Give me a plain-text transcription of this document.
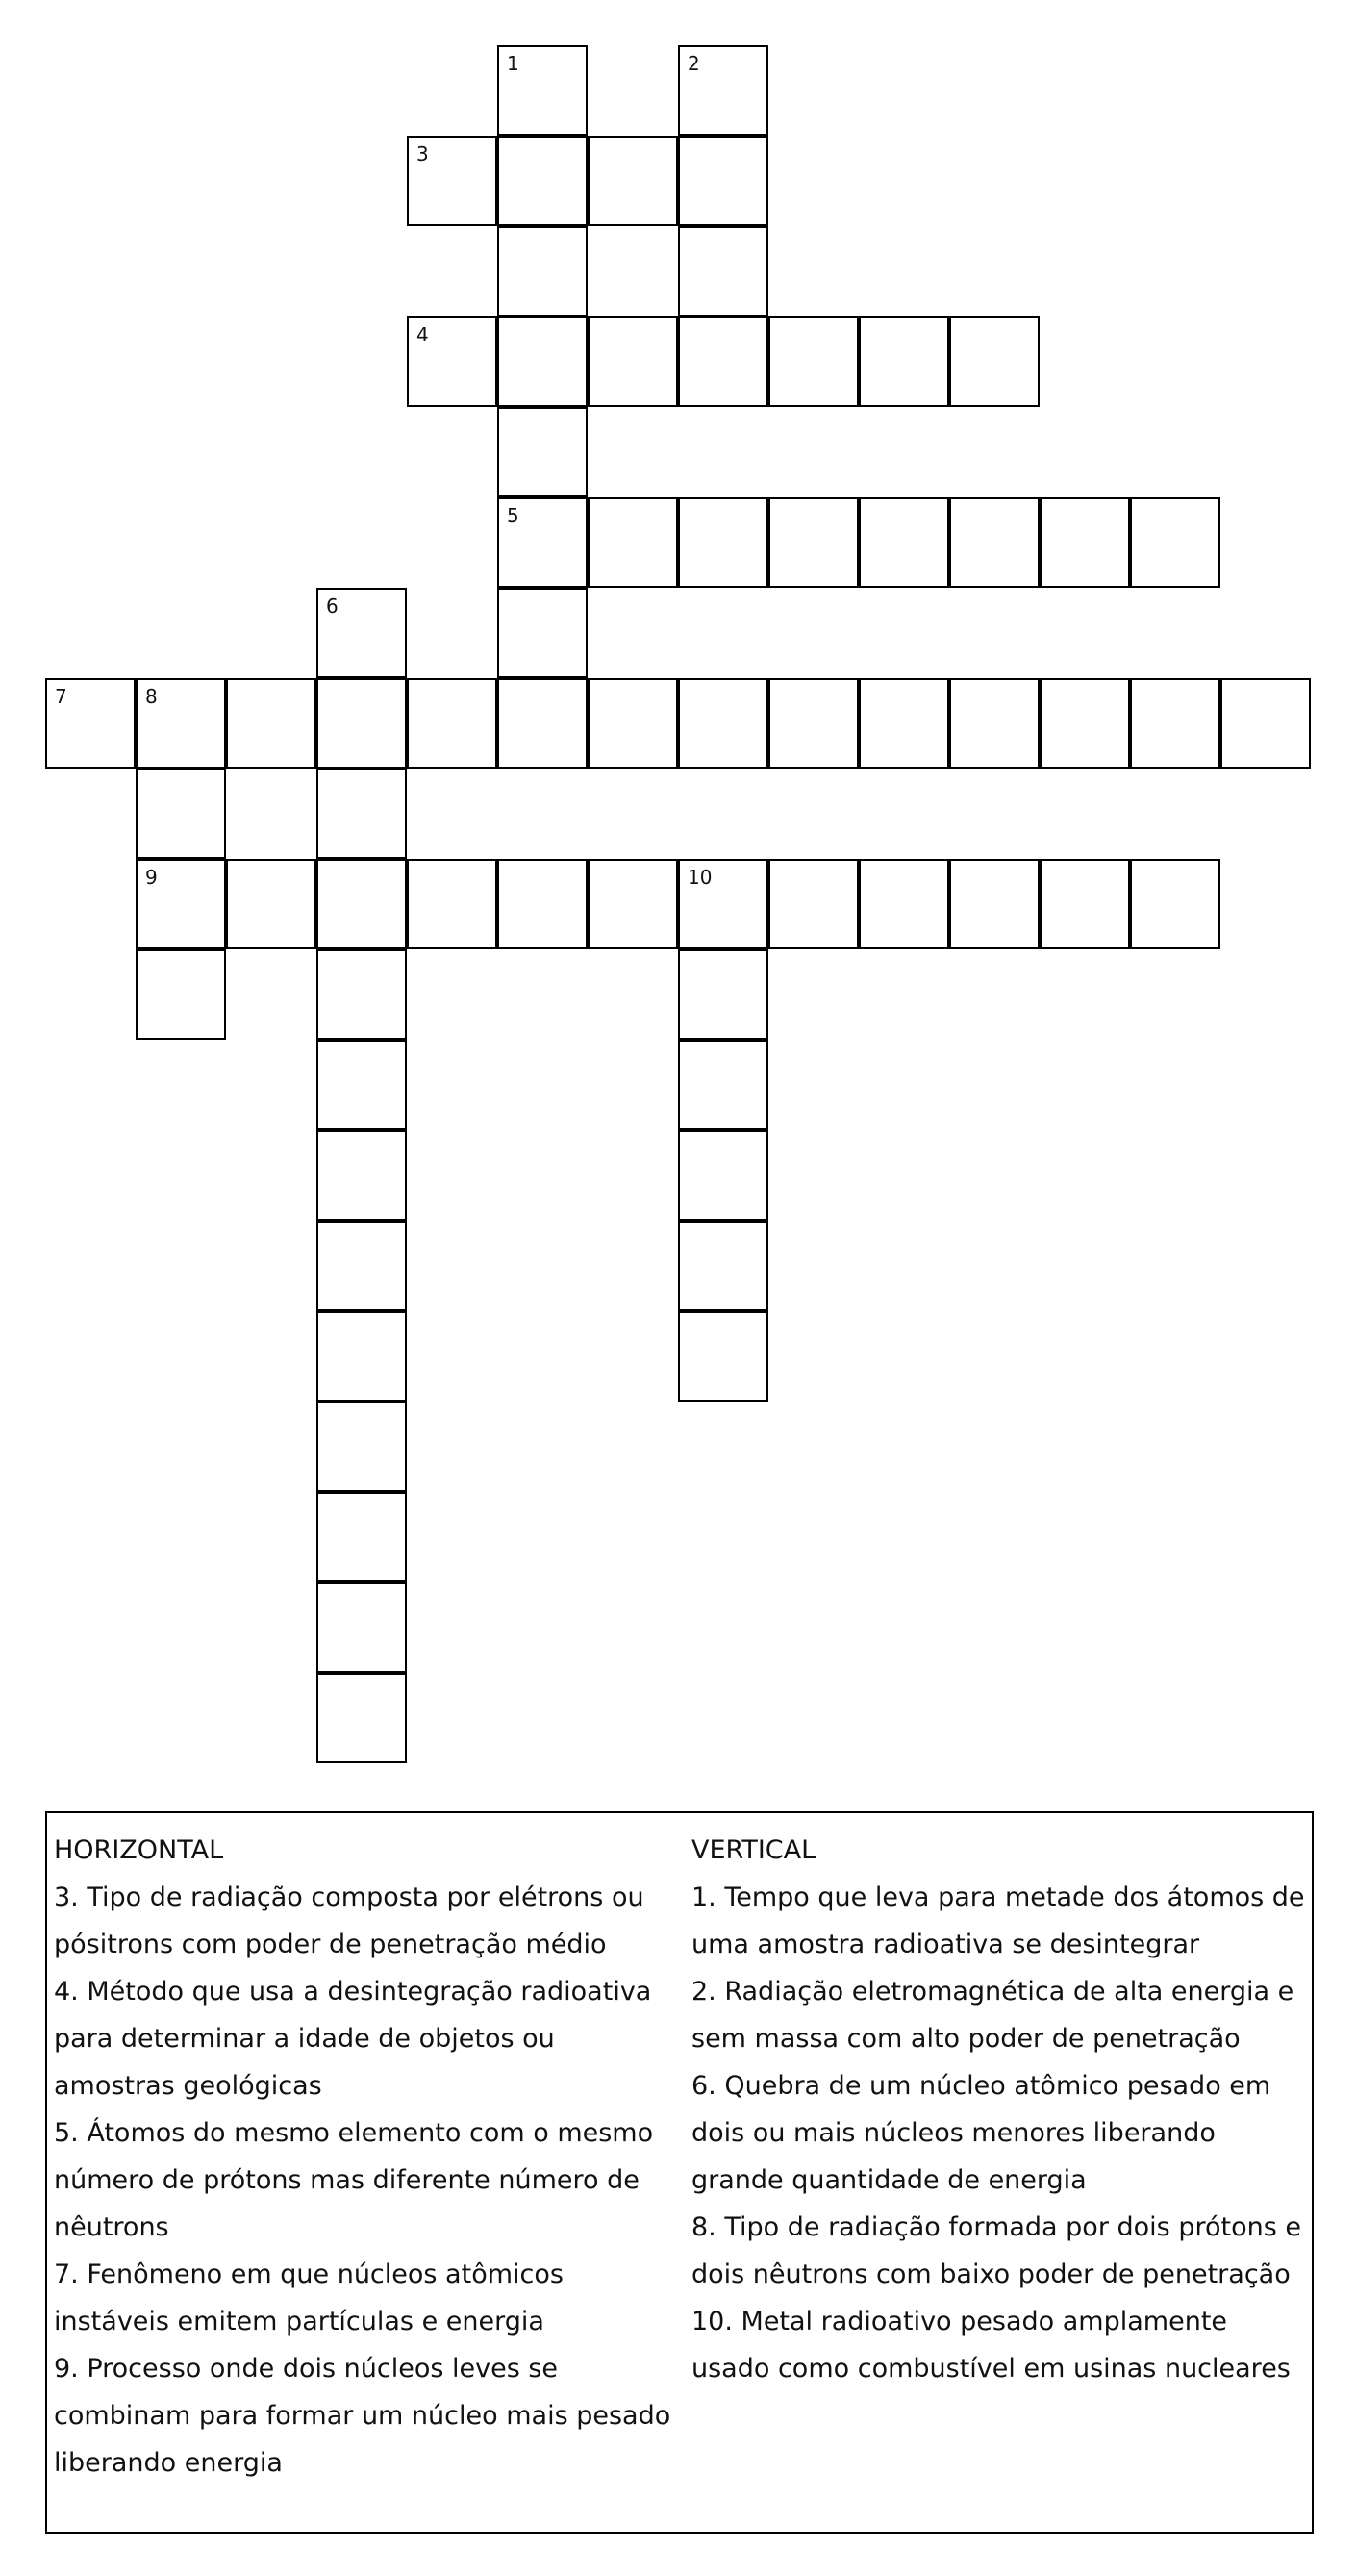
1
5
2
3
4
6
7	8
9	10
HORIZONTAL
3. Tipo de radiação composta por elétrons ou pósitrons com poder de penetração médio
4. Método que usa a desintegração radioativa para determinar a idade de objetos ou amostras geológicas
5. Átomos do mesmo elemento com o mesmo número de prótons mas diferente número de nêutrons
7. Fenômeno em que núcleos atômicos instáveis emitem partículas e energia
9. Processo onde dois núcleos leves se combinam para formar um núcleo mais pesado liberando energia
VERTICAL
1. Tempo que leva para metade dos átomos de uma amostra radioativa se desintegrar
2. Radiação eletromagnética de alta energia e sem massa com alto poder de penetração
6. Quebra de um núcleo atômico pesado em dois ou mais núcleos menores liberando grande quantidade de energia
8. Tipo de radiação formada por dois prótons e dois nêutrons com baixo poder de penetração
10. Metal radioativo pesado amplamente usado como combustível em usinas nucleares
